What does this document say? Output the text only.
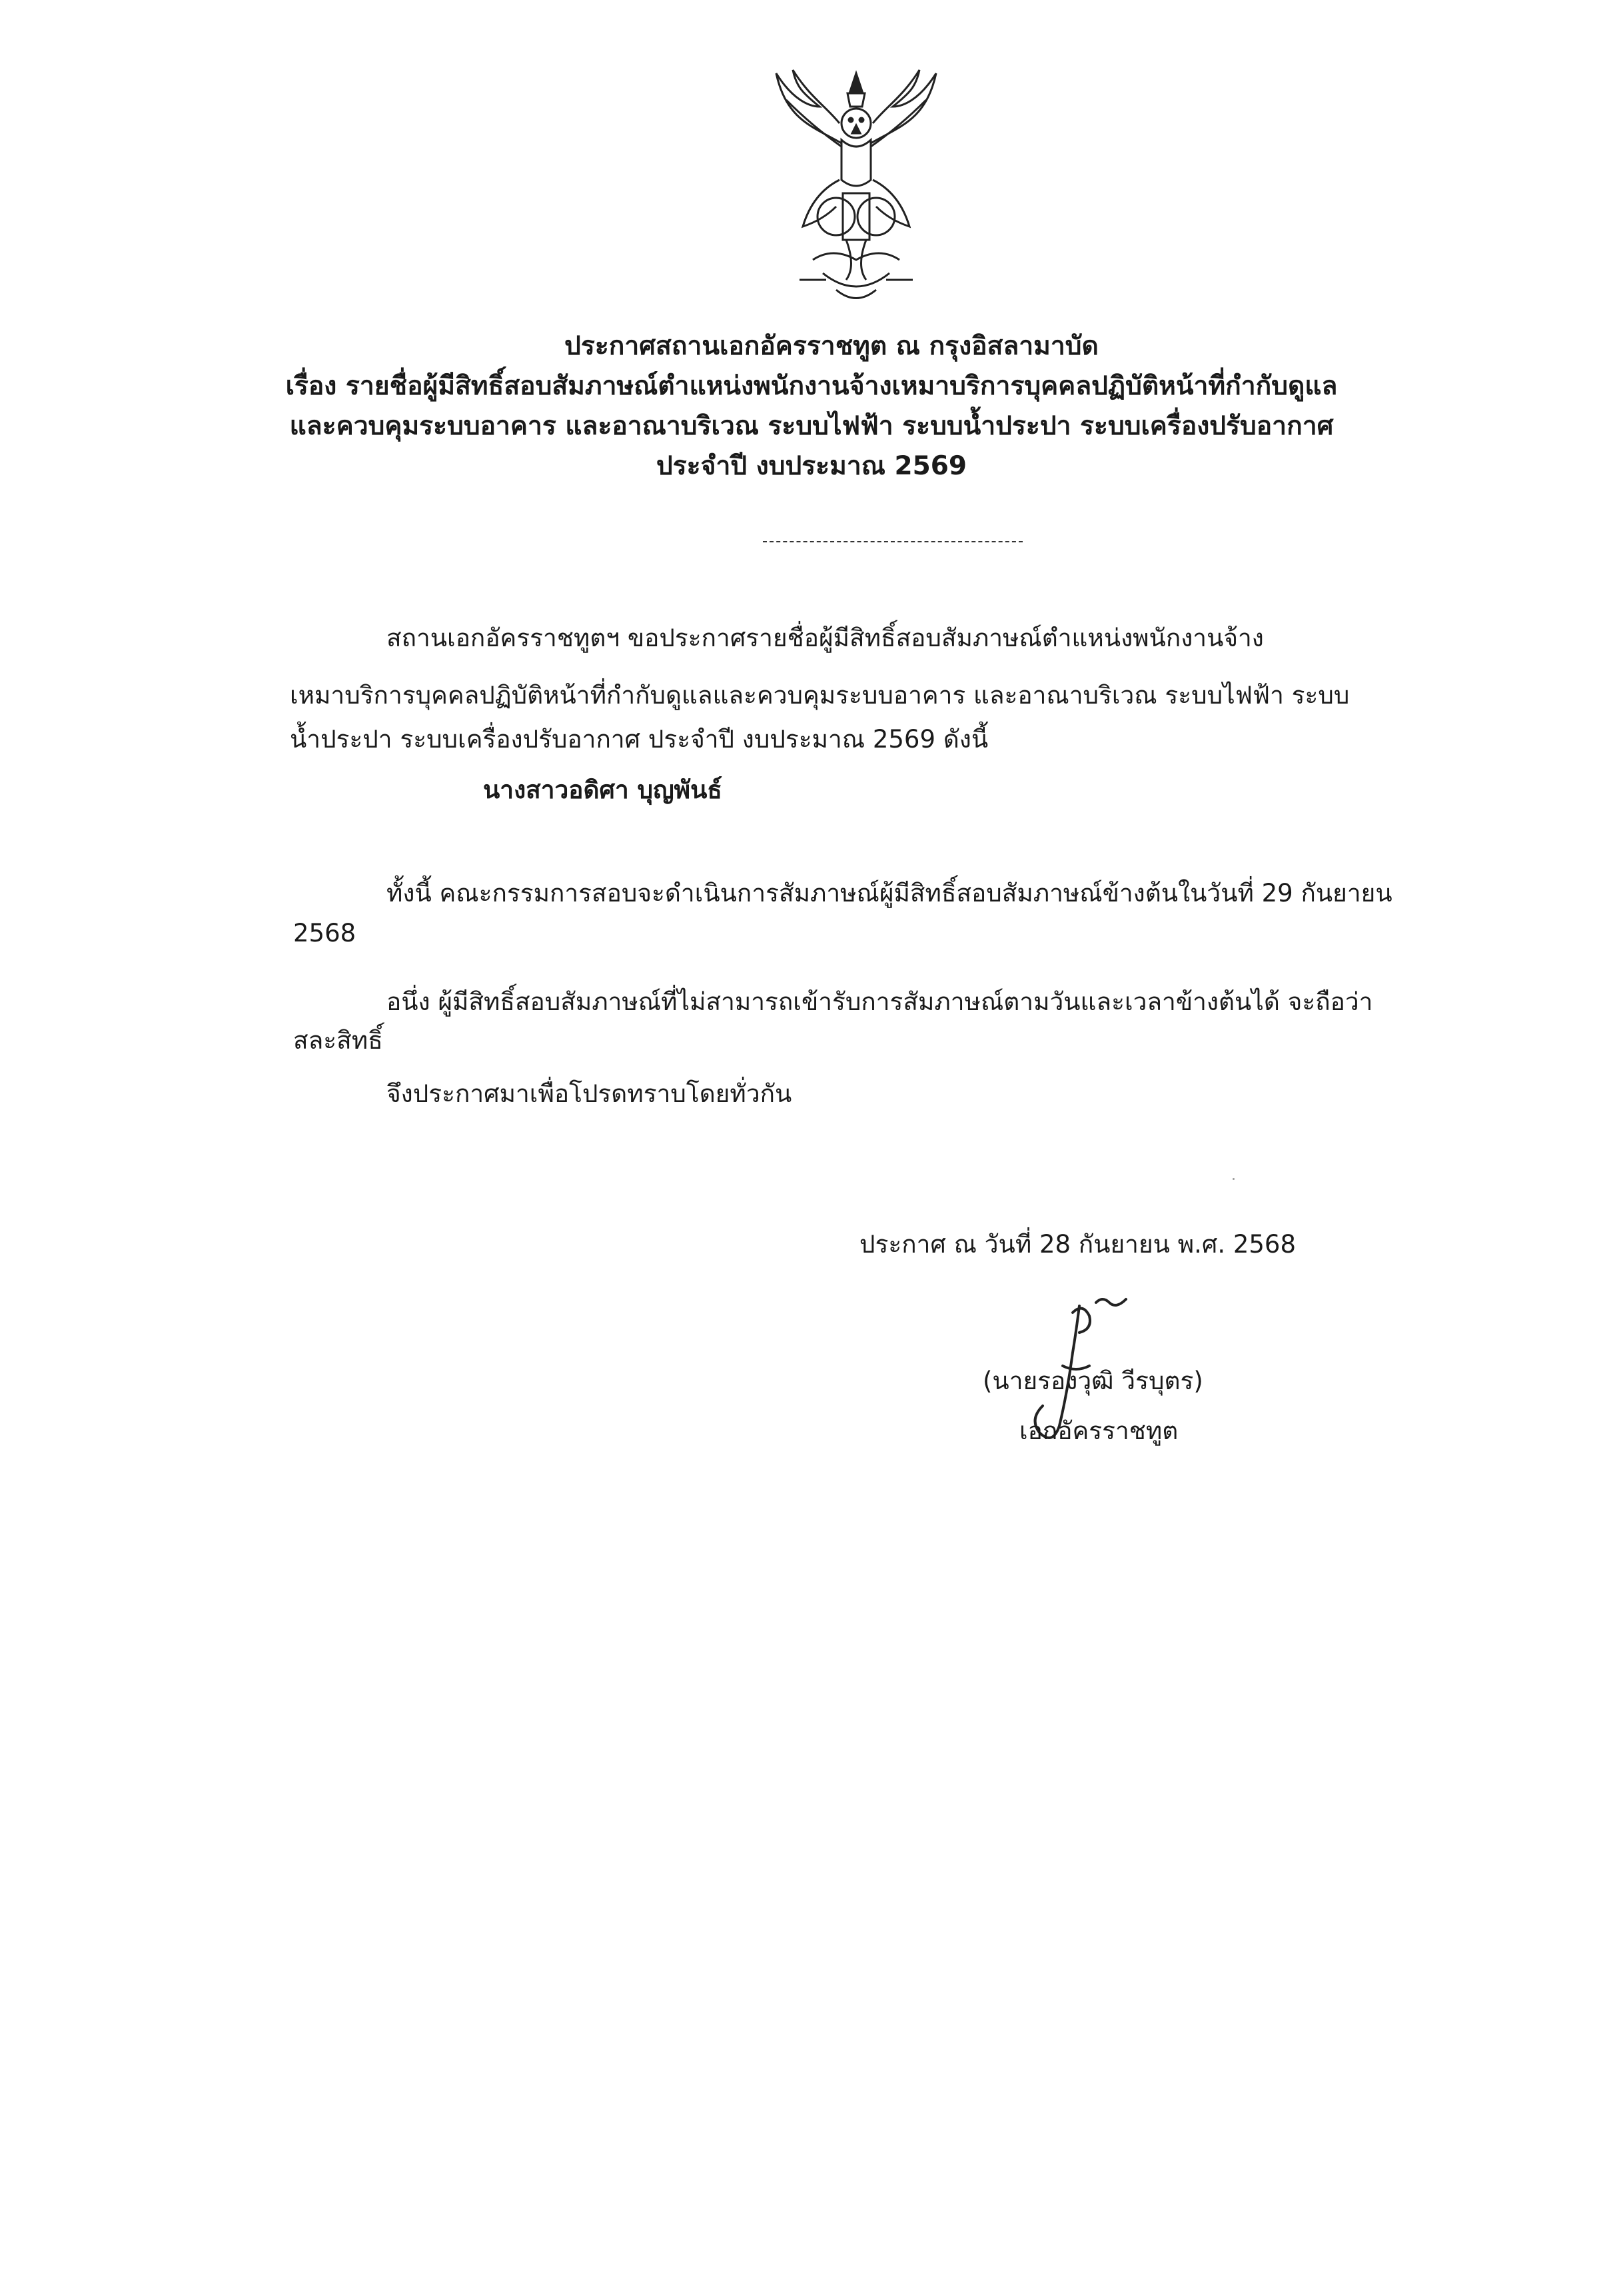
ประกาศสถานเอกอัครราชทูต ณ กรุงอิสลามาบัด
เรื่อง รายชื่อผู้มีสิทธิ์สอบสัมภาษณ์ตำแหน่งพนักงานจ้างเหมาบริการบุคคลปฏิบัติหน้าที่กำกับดูแล
และควบคุมระบบอาคาร และอาณาบริเวณ ระบบไฟฟ้า ระบบน้ำประปา ระบบเครื่องปรับอากาศ
ประจำปี งบประมาณ 2569
สถานเอกอัครราชทูตฯ ขอประกาศรายชื่อผู้มีสิทธิ์สอบสัมภาษณ์ตำแหน่งพนักงานจ้าง
เหมาบริการบุคคลปฏิบัติหน้าที่กำกับดูแลและควบคุมระบบอาคาร และอาณาบริเวณ ระบบไฟฟ้า ระบบ
น้ำประปา ระบบเครื่องปรับอากาศ ประจำปี งบประมาณ 2569 ดังนี้
นางสาวอดิศา บุญพันธ์
ทั้งนี้ คณะกรรมการสอบจะดำเนินการสัมภาษณ์ผู้มีสิทธิ์สอบสัมภาษณ์ข้างต้นในวันที่ 29 กันยายน
2568
อนึ่ง ผู้มีสิทธิ์สอบสัมภาษณ์ที่ไม่สามารถเข้ารับการสัมภาษณ์ตามวันและเวลาข้างต้นได้ จะถือว่า
สละสิทธิ์
จึงประกาศมาเพื่อโปรดทราบโดยทั่วกัน
ประกาศ ณ วันที่ 28 กันยายน พ.ศ. 2568
(นายรองวุฒิ วีรบุตร)
เอกอัครราชทูต
